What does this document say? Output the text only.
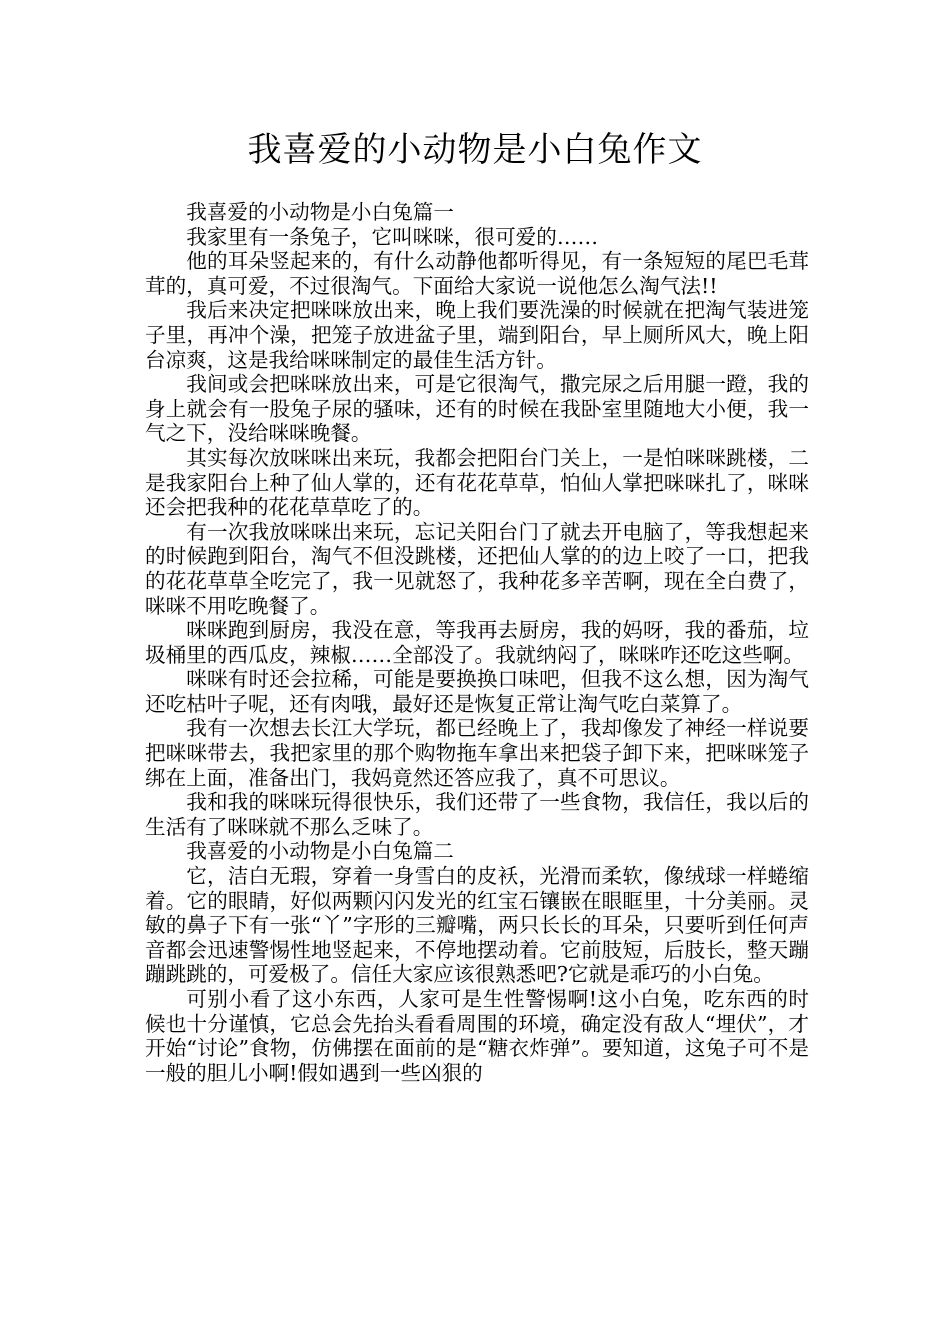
我喜爱的小动物是小白兔作文

我喜爱的小动物是小白兔篇一

我家里有一条兔子，它叫咪咪，很可爱的……

他的耳朵竖起来的，有什么动静他都听得见，有一条短短的尾巴毛茸茸的，真可爱，不过很淘气。下面给大家说一说他怎么淘气法!!

我后来决定把咪咪放出来，晚上我们要洗澡的时候就在把淘气装进笼子里，再冲个澡，把笼子放进盆子里，端到阳台，早上厕所风大，晚上阳台凉爽，这是我给咪咪制定的最佳生活方针。

我间或会把咪咪放出来，可是它很淘气，撒完尿之后用腿一蹬，我的身上就会有一股兔子尿的骚味，还有的时候在我卧室里随地大小便，我一气之下，没给咪咪晚餐。

其实每次放咪咪出来玩，我都会把阳台门关上，一是怕咪咪跳楼，二是我家阳台上种了仙人掌的，还有花花草草，怕仙人掌把咪咪扎了，咪咪还会把我种的花花草草吃了的。

有一次我放咪咪出来玩，忘记关阳台门了就去开电脑了，等我想起来的时候跑到阳台，淘气不但没跳楼，还把仙人掌的的边上咬了一口，把我的花花草草全吃完了，我一见就怒了，我种花多辛苦啊，现在全白费了，咪咪不用吃晚餐了。

咪咪跑到厨房，我没在意，等我再去厨房，我的妈呀，我的番茄，垃圾桶里的西瓜皮，辣椒……全部没了。我就纳闷了，咪咪咋还吃这些啊。

咪咪有时还会拉稀，可能是要换换口味吧，但我不这么想，因为淘气还吃枯叶子呢，还有肉哦，最好还是恢复正常让淘气吃白菜算了。

我有一次想去长江大学玩，都已经晚上了，我却像发了神经一样说要把咪咪带去，我把家里的那个购物拖车拿出来把袋子卸下来，把咪咪笼子绑在上面，准备出门，我妈竟然还答应我了，真不可思议。

我和我的咪咪玩得很快乐，我们还带了一些食物，我信任，我以后的生活有了咪咪就不那么乏味了。

我喜爱的小动物是小白兔篇二

它，洁白无瑕，穿着一身雪白的皮袄，光滑而柔软，像绒球一样蜷缩着。它的眼睛，好似两颗闪闪发光的红宝石镶嵌在眼眶里，十分美丽。灵敏的鼻子下有一张“丫”字形的三瓣嘴，两只长长的耳朵，只要听到任何声音都会迅速警惕性地竖起来，不停地摆动着。它前肢短，后肢长，整天蹦蹦跳跳的，可爱极了。信任大家应该很熟悉吧?它就是乖巧的小白兔。

可别小看了这小东西，人家可是生性警惕啊!这小白兔，吃东西的时候也十分谨慎，它总会先抬头看看周围的环境，确定没有敌人“埋伏”，才开始“讨论”食物，仿佛摆在面前的是“糖衣炸弹”。要知道，这兔子可不是一般的胆儿小啊!假如遇到一些凶狠的
